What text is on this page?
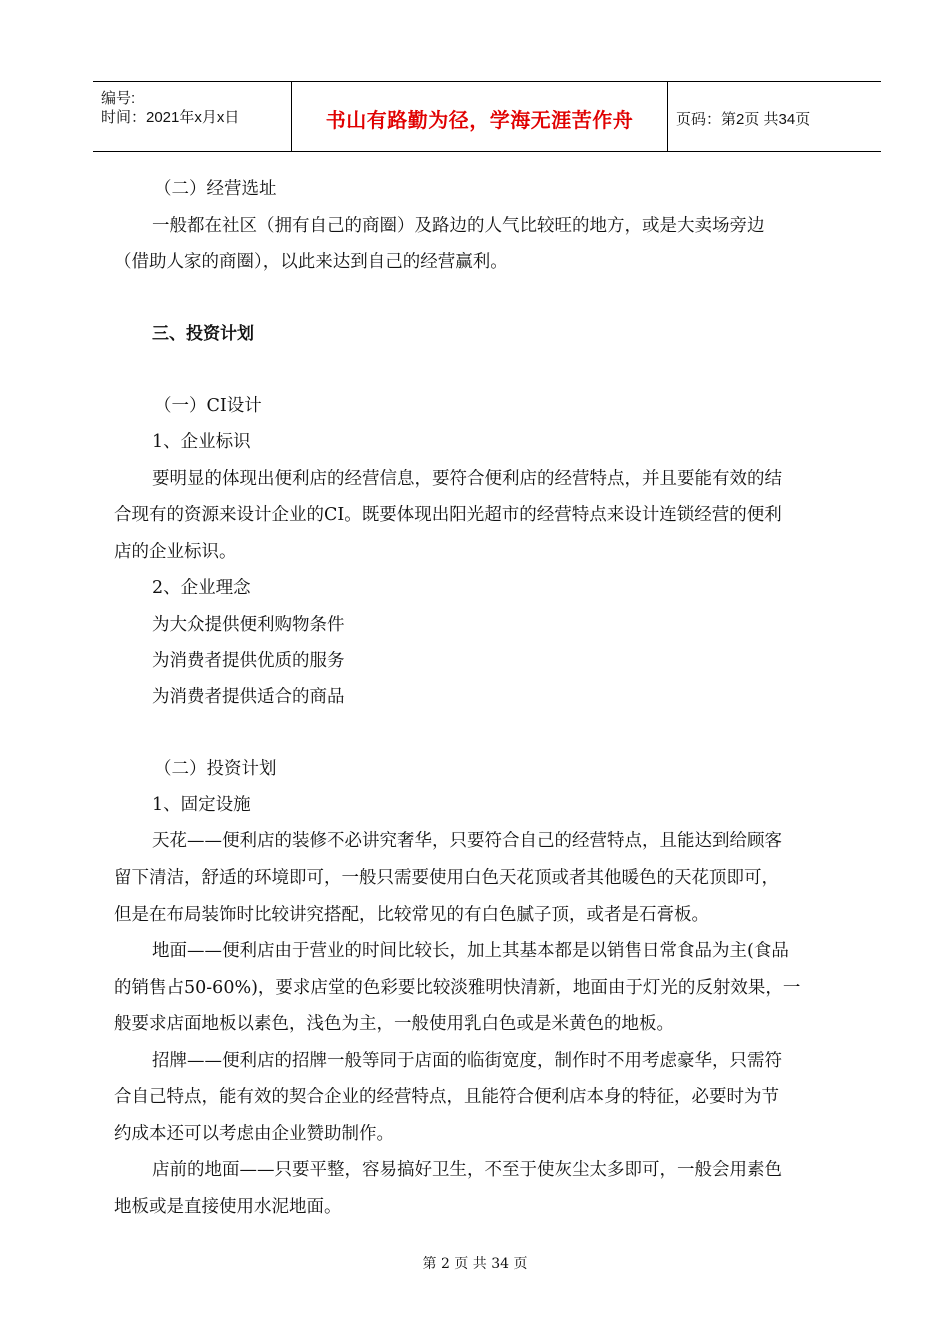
编号:
时间：2021年x月x日	书山有路勤为径，学海无涯苦作舟	页码：第2页 共34页
（二）经营选址
一般都在社区（拥有自己的商圈）及路边的人气比较旺的地方，或是大卖场旁边
（借助人家的商圈），以此来达到自己的经营赢利。
三、投资计划
（一）CI设计
1、企业标识
要明显的体现出便利店的经营信息，要符合便利店的经营特点，并且要能有效的结
合现有的资源来设计企业的CI。既要体现出阳光超市的经营特点来设计连锁经营的便利
店的企业标识。
2、企业理念
为大众提供便利购物条件
为消费者提供优质的服务
为消费者提供适合的商品
（二）投资计划
1、固定设施
天花——便利店的装修不必讲究奢华，只要符合自己的经营特点，且能达到给顾客
留下清洁，舒适的环境即可，一般只需要使用白色天花顶或者其他暖色的天花顶即可，
但是在布局装饰时比较讲究搭配，比较常见的有白色腻子顶，或者是石膏板。
地面——便利店由于营业的时间比较长，加上其基本都是以销售日常食品为主(食品
的销售占50-60%)，要求店堂的色彩要比较淡雅明快清新，地面由于灯光的反射效果，一
般要求店面地板以素色，浅色为主，一般使用乳白色或是米黄色的地板。
招牌——便利店的招牌一般等同于店面的临街宽度，制作时不用考虑豪华，只需符
合自己特点，能有效的契合企业的经营特点，且能符合便利店本身的特征，必要时为节
约成本还可以考虑由企业赞助制作。
店前的地面——只要平整，容易搞好卫生，不至于使灰尘太多即可，一般会用素色
地板或是直接使用水泥地面。
第 2 页 共 34 页
